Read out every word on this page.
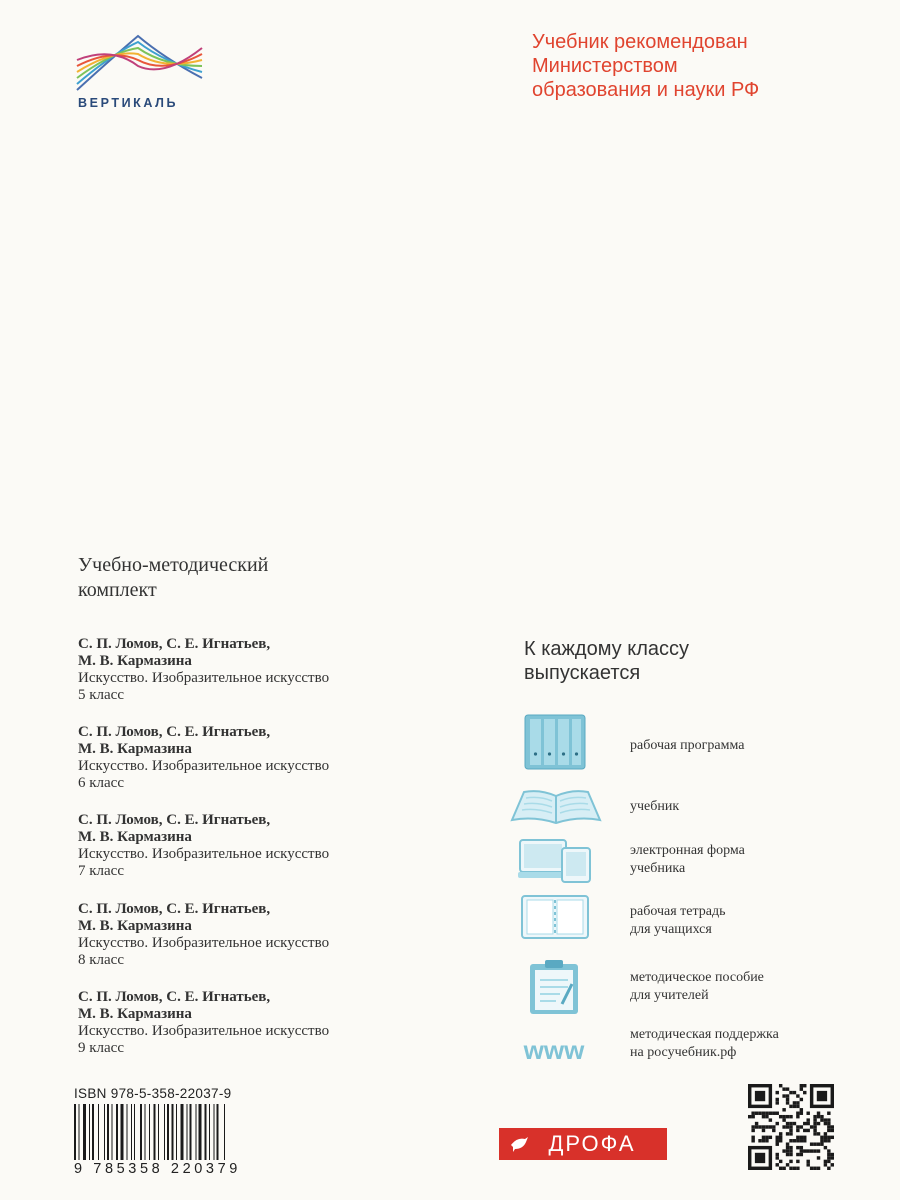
ВЕРТИКАЛЬ
Учебник рекомендован
Министерством
образования и науки РФ
Учебно-методический
комплект
С. П. Ломов, С. Е. Игнатьев,
М. В. Кармазина
Искусство. Изобразительное искусство
5 класс
С. П. Ломов, С. Е. Игнатьев,
М. В. Кармазина
Искусство. Изобразительное искусство
6 класс
С. П. Ломов, С. Е. Игнатьев,
М. В. Кармазина
Искусство. Изобразительное искусство
7 класс
С. П. Ломов, С. Е. Игнатьев,
М. В. Кармазина
Искусство. Изобразительное искусство
8 класс
С. П. Ломов, С. Е. Игнатьев,
М. В. Кармазина
Искусство. Изобразительное искусство
9 класс
К каждому классу
выпускается
www
рабочая программа
учебник
электронная форма
учебника
рабочая тетрадь
для учащихся
методическое пособие
для учителей
методическая поддержка
на росучебник.рф
ISBN 978-5-358-22037-9
9 785358 220379
ДРОФА
